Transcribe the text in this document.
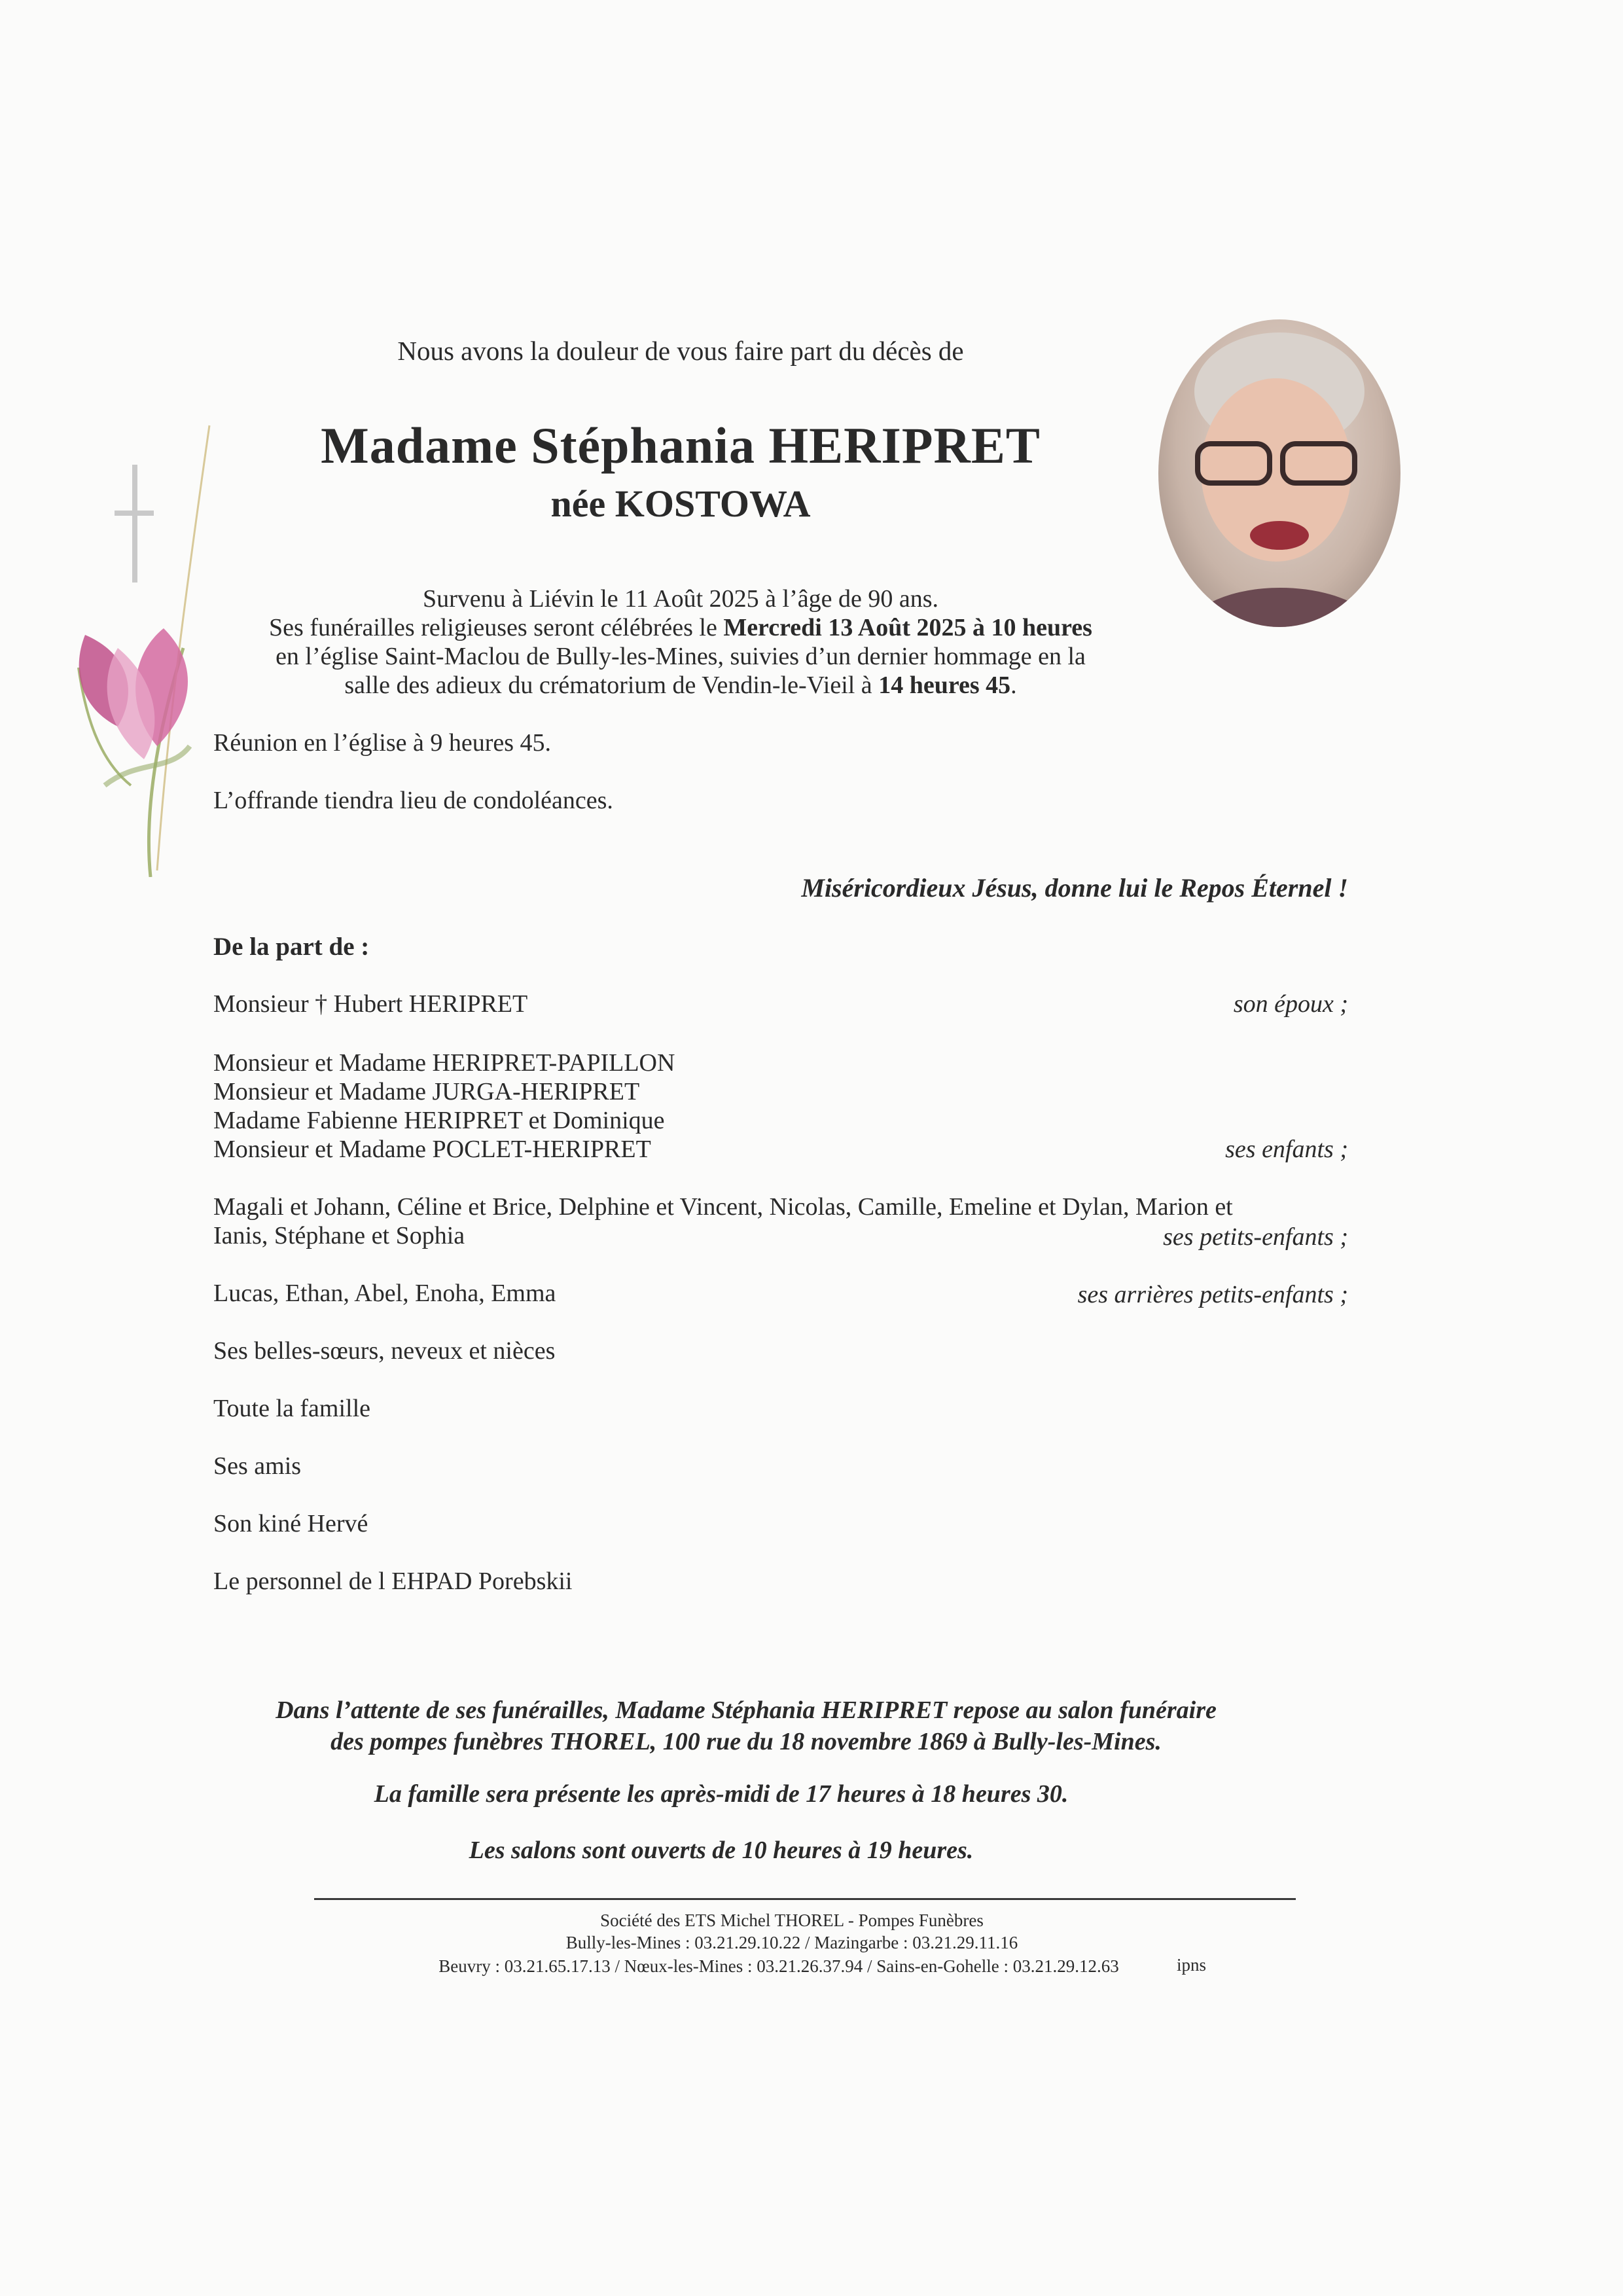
Nous avons la douleur de vous faire part du décès de
Madame Stéphania HERIPRET
née KOSTOWA
Survenu à Liévin le 11 Août 2025 à l’âge de 90 ans.
Ses funérailles religieuses seront célébrées le Mercredi 13 Août 2025 à 10 heures
en l’église Saint-Maclou de Bully-les-Mines, suivies d’un dernier hommage en la
salle des adieux du crématorium de Vendin-le-Vieil à 14 heures 45.
Réunion en l’église à 9 heures 45.
L’offrande tiendra lieu de condoléances.
Miséricordieux Jésus, donne lui le Repos Éternel !
De la part de :
Monsieur † Hubert HERIPRET	son époux ;
Monsieur et Madame HERIPRET-PAPILLON
Monsieur et Madame JURGA-HERIPRET
Madame Fabienne HERIPRET et Dominique
Monsieur et Madame POCLET-HERIPRET	ses enfants ;
Magali et Johann, Céline et Brice, Delphine et Vincent, Nicolas, Camille, Emeline et Dylan, Marion et
Ianis, Stéphane et Sophia	ses petits-enfants ;
Lucas, Ethan, Abel, Enoha, Emma	ses arrières petits-enfants ;
Ses belles-sœurs, neveux et nièces
Toute la famille
Ses amis
Son kiné Hervé
Le personnel de l EHPAD Porebskii
Dans l’attente de ses funérailles, Madame Stéphania HERIPRET repose au salon funéraire
des pompes funèbres THOREL, 100 rue du 18 novembre 1869 à Bully-les-Mines.
La famille sera présente les après-midi de 17 heures à 18 heures 30.
Les salons sont ouverts de 10 heures à 19 heures.
Société des ETS Michel THOREL - Pompes Funèbres
Bully-les-Mines : 03.21.29.10.22 / Mazingarbe : 03.21.29.11.16
Beuvry : 03.21.65.17.13 / Nœux-les-Mines : 03.21.26.37.94 / Sains-en-Gohelle : 03.21.29.12.63	ipns
